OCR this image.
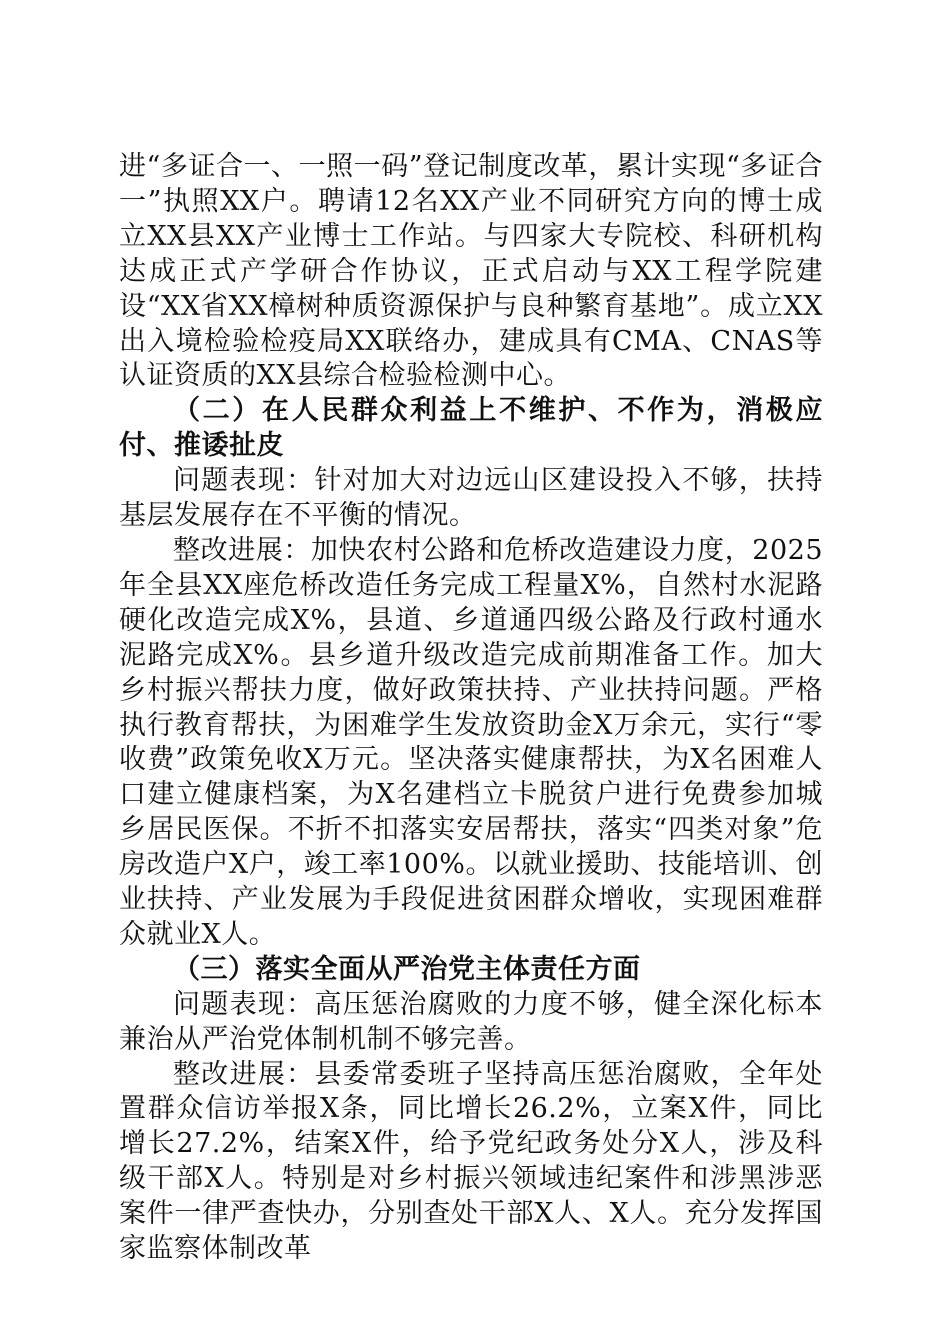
进“多证合一、一照一码”登记制度改革，累计实现“多证合一”执照XX户。聘请12名XX产业不同研究方向的博士成立XX县XX产业博士工作站。与四家大专院校、科研机构达成正式产学研合作协议，正式启动与XX工程学院建设“XX省XX樟树种质资源保护与良种繁育基地”。成立XX出入境检验检疫局XX联络办，建成具有CMA、CNAS等认证资质的XX县综合检验检测中心。

（二）在人民群众利益上不维护、不作为，消极应付、推诿扯皮

问题表现：针对加大对边远山区建设投入不够，扶持基层发展存在不平衡的情况。

整改进展：加快农村公路和危桥改造建设力度，2025年全县XX座危桥改造任务完成工程量X%，自然村水泥路硬化改造完成X%，县道、乡道通四级公路及行政村通水泥路完成X%。县乡道升级改造完成前期准备工作。加大乡村振兴帮扶力度，做好政策扶持、产业扶持问题。严格执行教育帮扶，为困难学生发放资助金X万余元，实行“零收费”政策免收X万元。坚决落实健康帮扶，为X名困难人口建立健康档案，为X名建档立卡脱贫户进行免费参加城乡居民医保。不折不扣落实安居帮扶，落实“四类对象”危房改造户X户，竣工率100%。以就业援助、技能培训、创业扶持、产业发展为手段促进贫困群众增收，实现困难群众就业X人。

（三）落实全面从严治党主体责任方面

问题表现：高压惩治腐败的力度不够，健全深化标本兼治从严治党体制机制不够完善。

整改进展：县委常委班子坚持高压惩治腐败，全年处置群众信访举报X条，同比增长26.2%，立案X件，同比增长27.2%，结案X件，给予党纪政务处分X人，涉及科级干部X人。特别是对乡村振兴领域违纪案件和涉黑涉恶案件一律严查快办，分别查处干部X人、X人。充分发挥国家监察体制改革
